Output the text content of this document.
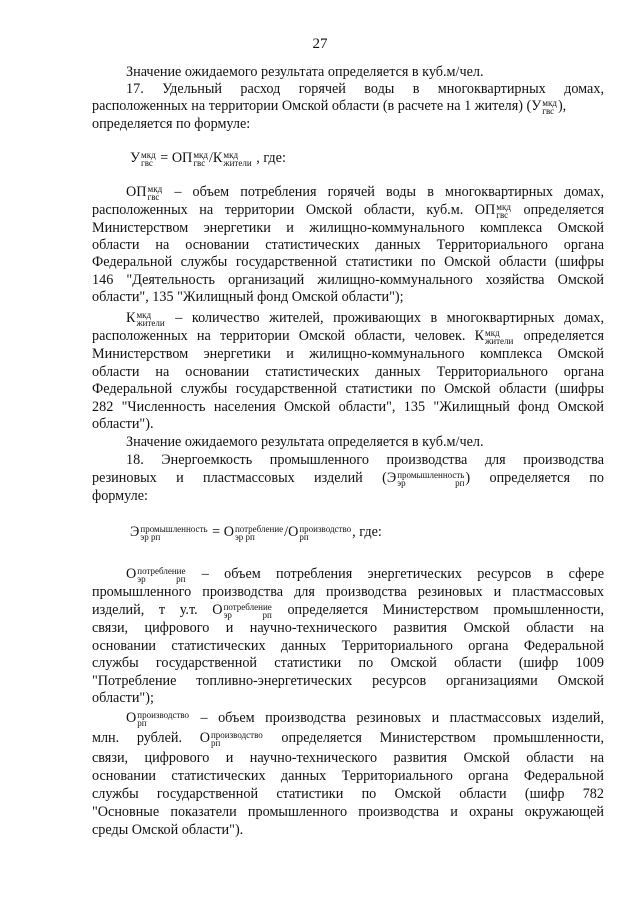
27
Значение ожидаемого результата определяется в куб.м/чел.
17. Удельный расход горячей воды в многоквартирных домах,
расположенных на территории Омской области (в расчете на 1 жителя) (У мкд
гвс ),
определяется по формуле:
У мкд
гвс = ОП мкд
гвс /К мкд
жители , где:
ОП мкд
гвс – объем потребления горячей воды в многоквартирных домах,
расположенных на территории Омской области, куб.м. ОП мкд
гвс определяется
Министерством энергетики и жилищно-коммунального комплекса Омской
области на основании статистических данных Территориального органа
Федеральной службы государственной статистики по Омской области (шифры
146 "Деятельность организаций жилищно-коммунального хозяйства Омской
области", 135 "Жилищный фонд Омской области");
К мкд
жители – количество жителей, проживающих в многоквартирных домах,
расположенных на территории Омской области, человек. К мкд
жители определяется
Министерством энергетики и жилищно-коммунального комплекса Омской
области на основании статистических данных Территориального органа
Федеральной службы государственной статистики по Омской области (шифры
282 "Численность населения Омской области", 135 "Жилищный фонд Омской
области").
Значение ожидаемого результата определяется в куб.м/чел.
18. Энергоемкость промышленного производства для производства
резиновых и пластмассовых изделий (Э промышленность
эр рп ) определяется по
формуле:
Э промышленность
эр рп	= О потребление
эр рп	/О производство
рп	, где:
О потребление
эр рп – объем потребления энергетических ресурсов в сфере
промышленного производства для производства резиновых и пластмассовых
изделий, т у.т. О потребление
эр рп определяется Министерством промышленности,
связи, цифрового и научно-технического развития Омской области на
основании статистических данных Территориального органа Федеральной
службы государственной статистики по Омской области (шифр 1009
"Потребление топливно-энергетических ресурсов организациями Омской
области");
О производство
рп	– объем производства резиновых и пластмассовых изделий,
млн. рублей. О производство
рп	определяется Министерством промышленности,
связи, цифрового и научно-технического развития Омской области на
основании статистических данных Территориального органа Федеральной
службы государственной статистики по Омской области (шифр 782
"Основные показатели промышленного производства и охраны окружающей
среды Омской области").
